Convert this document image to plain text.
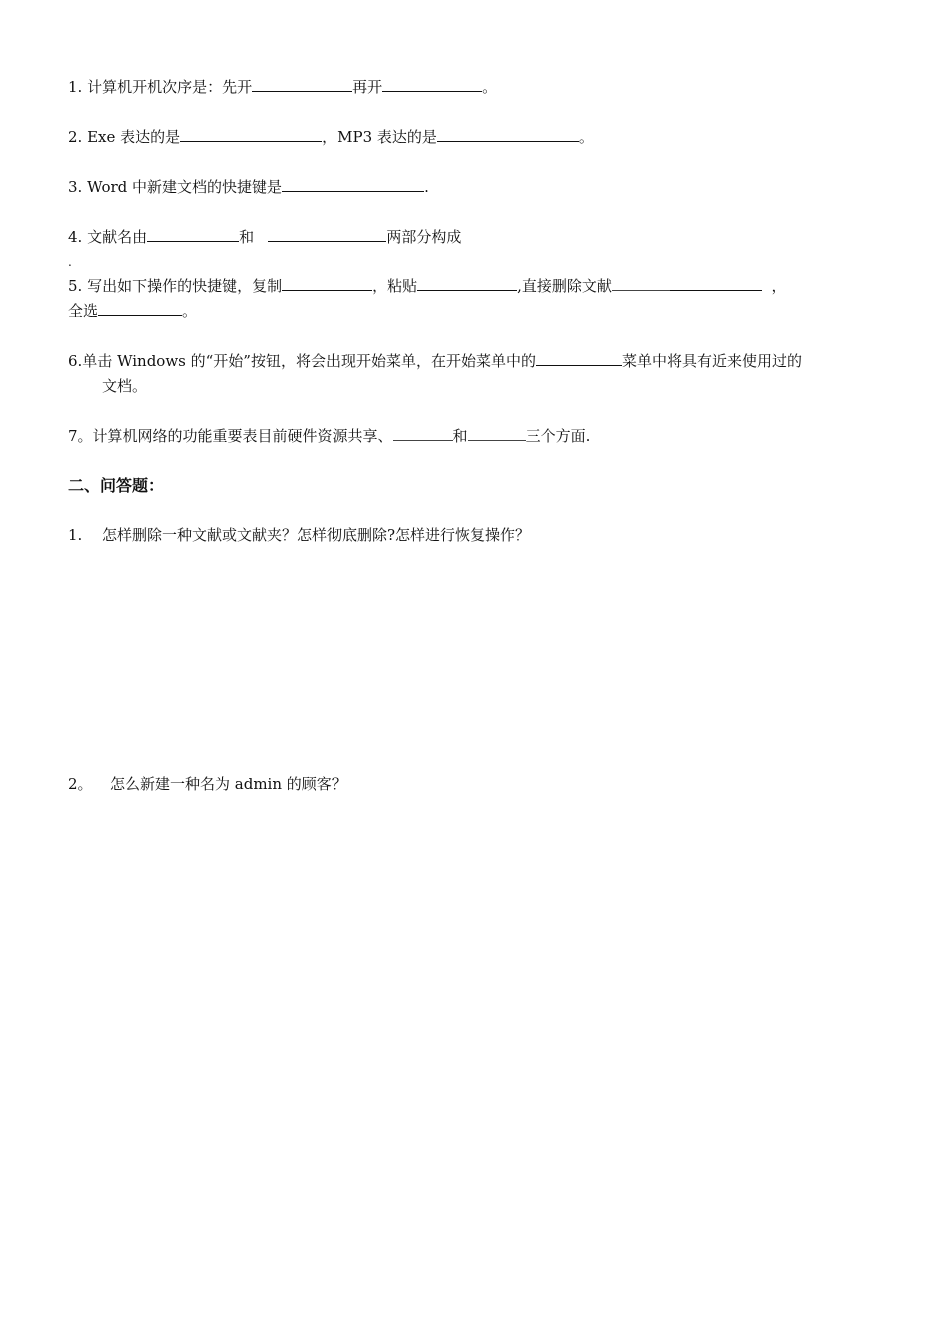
1. 计算机开机次序是：先开	再开	。
2. Exe 表达的是	，MP3 表达的是	。
3. Word 中新建文档的快捷键是	.
4. 文献名由	和	两部分构成
.
5. 写出如下操作的快捷键，复制	，粘贴	,直接删除文献	，
全选	。
6.单击 Windows 的“开始”按钮，将会出现开始菜单，在开始菜单中的	菜单中将具有近来使用过的
文档。
7。计算机网络的功能重要表目前硬件资源共享、	和	三个方面.
二、问答题：
1. 怎样删除一种文献或文献夹？怎样彻底删除?怎样进行恢复操作？
2。 怎么新建一种名为 admin 的顾客？
